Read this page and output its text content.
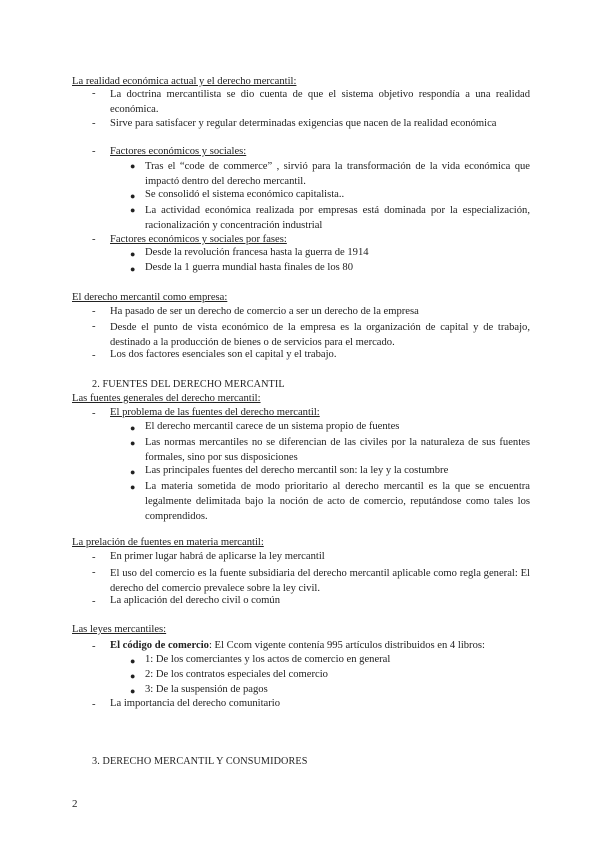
La realidad económica actual y el derecho mercantil:
- La doctrina mercantilista se dio cuenta de que el sistema objetivo respondía a una realidad económica.
- Sirve para satisfacer y regular determinadas exigencias que nacen de la realidad económica
- Factores económicos y sociales:
● Tras el “code de commerce” , sirvió para la transformación de la vida económica que impactó dentro del derecho mercantil.
● Se consolidó el sistema económico capitalista..
● La actividad económica realizada por empresas está dominada por la especialización, racionalización y concentración industrial
- Factores económicos y sociales por fases:
● Desde la revolución francesa hasta la guerra de 1914
● Desde la 1 guerra mundial hasta finales de los 80
El derecho mercantil como empresa:
- Ha pasado de ser un derecho de comercio a ser un derecho de la empresa
- Desde el punto de vista económico de la empresa es la organización de capital y de trabajo, destinado a la producción de bienes o de servicios para el mercado.
- Los dos factores esenciales son el capital y el trabajo.
2. FUENTES DEL DERECHO MERCANTIL
Las fuentes generales del derecho mercantil:
- El problema de las fuentes del derecho mercantil:
● El derecho mercantil carece de un sistema propio de fuentes
● Las normas mercantiles no se diferencian de las civiles por la naturaleza de sus fuentes formales, sino por sus disposiciones
● Las principales fuentes del derecho mercantil son: la ley y la costumbre
● La materia sometida de modo prioritario al derecho mercantil es la que se encuentra legalmente delimitada bajo la noción de acto de comercio, reputándose como tales los comprendidos.
La prelación de fuentes en materia mercantil:
- En primer lugar habrá de aplicarse la ley mercantil
- El uso del comercio es la fuente subsidiaria del derecho mercantil aplicable como regla general: El derecho del comercio prevalece sobre la ley civil.
- La aplicación del derecho civil o común
Las leyes mercantiles:
- El código de comercio: El Ccom vigente contenía 995 artículos distribuidos en 4 libros:
● 1: De los comerciantes y los actos de comercio en general
● 2: De los contratos especiales del comercio
● 3: De la suspensión de pagos
- La importancia del derecho comunitario
3. DERECHO MERCANTIL Y CONSUMIDORES
2
